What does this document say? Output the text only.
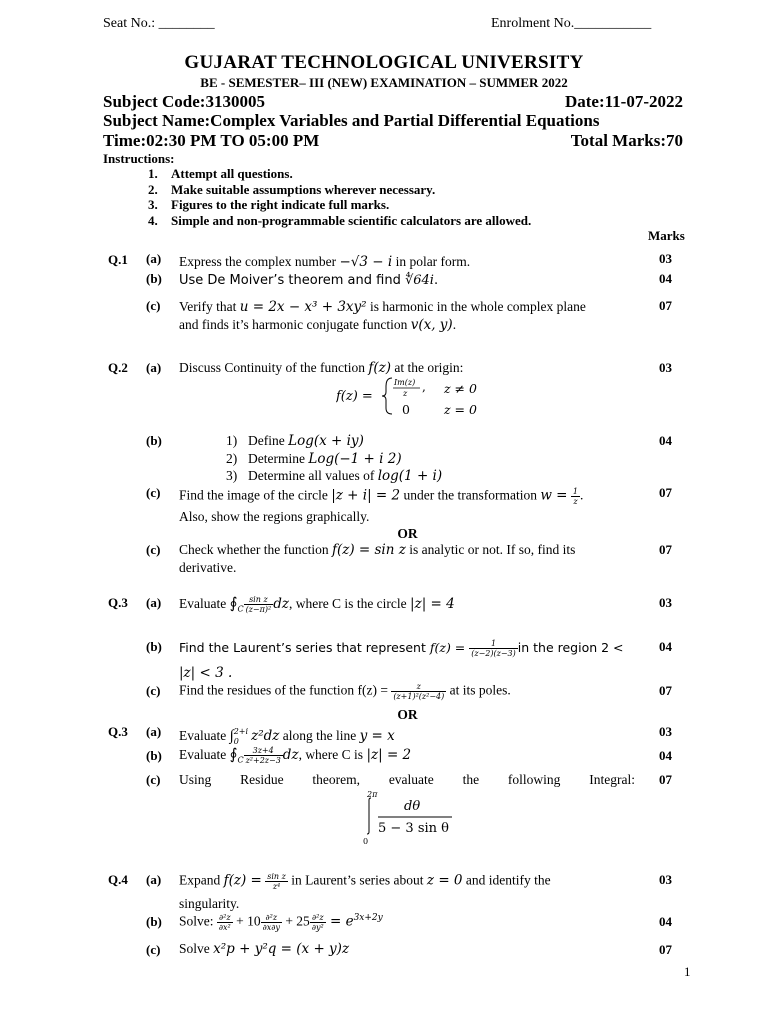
Seat No.: ________	Enrolment No.___________
GUJARAT TECHNOLOGICAL UNIVERSITY
BE - SEMESTER– III (NEW) EXAMINATION – SUMMER 2022
Subject Code:3130005	Date:11-07-2022
Subject Name:Complex Variables and Partial Differential Equations
Time:02:30 PM TO 05:00 PM	Total Marks:70
Instructions:
1.	Attempt all questions.
2.	Make suitable assumptions wherever necessary.
3.	Figures to the right indicate full marks.
4.	Simple and non-programmable scientific calculators are allowed.
Marks
Q.1 (a) Express the complex number −√3 − i in polar form.	03
(b) Use De Moiver’s theorem and find ∜64i.	04
(c) Verify that u = 2x − x³ + 3xy² is harmonic in the whole complex plane
and finds it’s harmonic conjugate function v(x, y).
07
Q.2 (a) Discuss Continuity of the function f(z) at the origin:	03
f(z) =
Im(z)
z , z ≠ 0
0	z = 0
(b)	04
1) Define Log(x + iy)
2) Determine Log(−1 + i 2)
3) Determine all values of log(1 + i)
(c) Find the image of the circle |z + i| = 2 under the transformation $w = \frac{1}{z}$ .
Also, show the regions graphically.
07
OR
(c) Check whether the function f(z) = sin z is analytic or not. If so, find its
derivative.
07
Q.3 (a) Evaluate $∮_C \frac{\text{sin z}}{\text{(z−π)²}}$ dz, where C is the circle |z| = 4	03
(b) Find the Laurent’s series that represent $f(z) = \frac{1}{(z-2)(z-3)}$ in the region 2 <
|z| < 3 .
04
(c) Find the residues of the function $f(z) = \frac{z}{\text{(z+1)²(z²−4)}}$ at its poles.	07
OR
Q.3 (a) Evaluate ∫ 2+i
0 z²dz along the line y = x	03
(b) Evaluate $∮_C \frac{3z+4}{\text{z²+2z−3}}$ dz, where C is |z| = 2	04
(c) Using Residue theorem, evaluate the following Integral: 07
2π
0
dθ
5 − 3 sin θ
Q.4 (a) Expand $f(z) = \frac{\text{sin z}}{\text{z⁴}}$ in Laurent’s series about z = 0 and identify the
singularity.
03
(b) Solve: $\frac{\text{∂²z}}{\text{∂x²}} + 10 \frac{\text{∂²z}}{\partial x\partial y} + 25 \frac{\text{∂²z}}{\text{∂y²}} = e^{3x+2y}$	04
(c) Solve x²p + y²q = (x + y)z	07
1
